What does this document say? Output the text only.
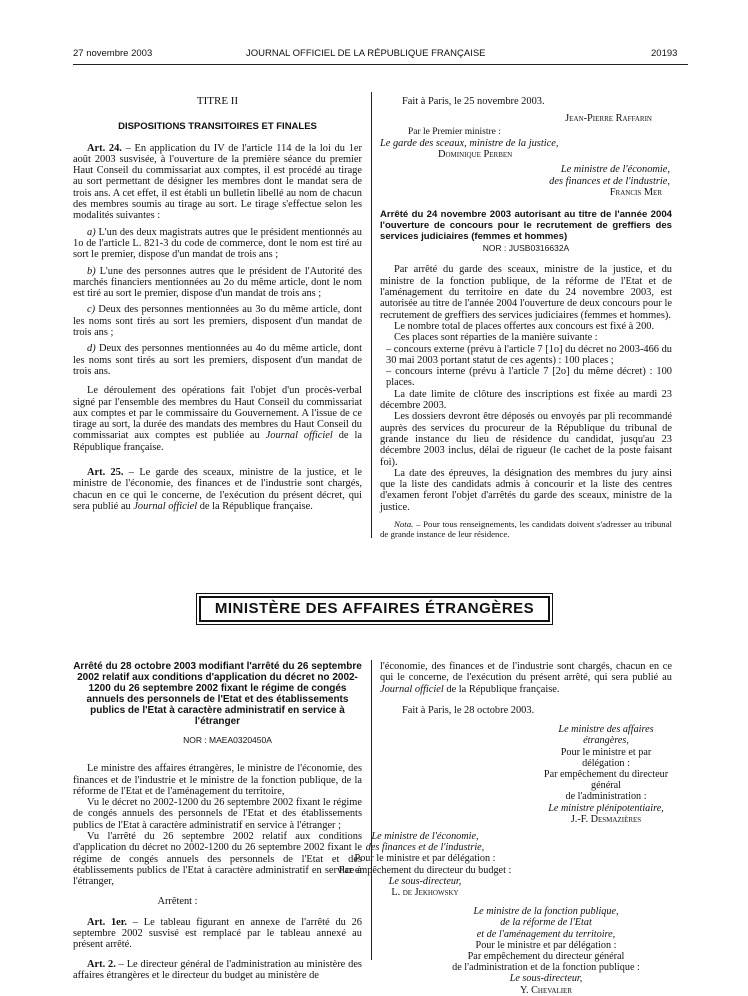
27 novembre 2003	JOURNAL OFFICIEL DE LA RÉPUBLIQUE FRANÇAISE	20193
TITRE II
DISPOSITIONS TRANSITOIRES ET FINALES

Art. 24. – En application du IV de l'article 114 de la loi du 1er août 2003 susvisée, à l'ouverture de la première séance du premier Haut Conseil du commissariat aux comptes, il est procédé au tirage au sort permettant de désigner les membres dont le mandat sera de trois ans. A cet effet, il est établi un bulletin libellé au nom de chacun des membres soumis au tirage au sort. Le tirage s'effectue selon les modalités suivantes :

a) L'un des deux magistrats autres que le président mentionnés au 1o de l'article L. 821-3 du code de commerce, dont le nom est tiré au sort le premier, dispose d'un mandat de trois ans ;

b) L'une des personnes autres que le président de l'Autorité des marchés financiers mentionnées au 2o du même article, dont le nom est tiré au sort le premier, dispose d'un mandat de trois ans ;

c) Deux des personnes mentionnées au 3o du même article, dont les noms sont tirés au sort les premiers, disposent d'un mandat de trois ans ;

d) Deux des personnes mentionnées au 4o du même article, dont les noms sont tirés au sort les premiers, disposent d'un mandat de trois ans.

Le déroulement des opérations fait l'objet d'un procès-verbal signé par l'ensemble des membres du Haut Conseil du commissariat aux comptes et par le commissaire du Gouvernement. A l'issue de ce tirage au sort, la durée des mandats des membres du Haut Conseil du commissariat aux comptes est publiée au Journal officiel de la République française.

Art. 25. – Le garde des sceaux, ministre de la justice, et le ministre de l'économie, des finances et de l'industrie sont chargés, chacun en ce qui le concerne, de l'exécution du présent décret, qui sera publié au Journal officiel de la République française.

Fait à Paris, le 25 novembre 2003.

Jean-Pierre Raffarin
Par le Premier ministre :
Le garde des sceaux, ministre de la justice,
Dominique Perben
Le ministre de l'économie,
des finances et de l'industrie,
Francis Mer
Arrêté du 24 novembre 2003 autorisant au titre de l'année 2004 l'ouverture de concours pour le recrutement de greffiers des services judiciaires (femmes et hommes)
NOR : JUSB0316632A

Par arrêté du garde des sceaux, ministre de la justice, et du ministre de la fonction publique, de la réforme de l'Etat et de l'aménagement du territoire en date du 24 novembre 2003, est autorisée au titre de l'année 2004 l'ouverture de deux concours pour le recrutement de greffiers des services judiciaires (femmes et hommes).

Le nombre total de places offertes aux concours est fixé à 200.

Ces places sont réparties de la manière suivante :

– concours externe (prévu à l'article 7 [1o] du décret no 2003-466 du 30 mai 2003 portant statut de ces agents) : 100 places ;
– concours interne (prévu à l'article 7 [2o] du même décret) : 100 places.

La date limite de clôture des inscriptions est fixée au mardi 23 décembre 2003.

Les dossiers devront être déposés ou envoyés par pli recommandé auprès des services du procureur de la République du tribunal de grande instance du lieu de résidence du candidat, jusqu'au 23 décembre 2003 inclus, délai de rigueur (le cachet de la poste faisant foi).

La date des épreuves, la désignation des membres du jury ainsi que la liste des candidats admis à concourir et la liste des centres d'examen feront l'objet d'arrêtés du garde des sceaux, ministre de la justice.

Nota. – Pour tous renseignements, les candidats doivent s'adresser au tribunal de grande instance de leur résidence.

MINISTÈRE DES AFFAIRES ÉTRANGÈRES
Arrêté du 28 octobre 2003 modifiant l'arrêté du 26 septembre 2002 relatif aux conditions d'application du décret no 2002-1200 du 26 septembre 2002 fixant le régime de congés annuels des personnels de l'Etat et des établissements publics de l'Etat à caractère administratif en service à l'étranger
NOR : MAEA0320450A

Le ministre des affaires étrangères, le ministre de l'économie, des finances et de l'industrie et le ministre de la fonction publique, de la réforme de l'Etat et de l'aménagement du territoire,

Vu le décret no 2002-1200 du 26 septembre 2002 fixant le régime de congés annuels des personnels de l'Etat et des établissements publics de l'Etat à caractère administratif en service à l'étranger ;

Vu l'arrêté du 26 septembre 2002 relatif aux conditions d'application du décret no 2002-1200 du 26 septembre 2002 fixant le régime de congés annuels des personnels de l'Etat et des établissements publics de l'Etat à caractère administratif en service à l'étranger,

Arrêtent :

Art. 1er. – Le tableau figurant en annexe de l'arrêté du 26 septembre 2002 susvisé est remplacé par le tableau annexé au présent arrêté.

Art. 2. – Le directeur général de l'administration au ministère des affaires étrangères et le directeur du budget au ministère de

l'économie, des finances et de l'industrie sont chargés, chacun en ce qui le concerne, de l'exécution du présent arrêté, qui sera publié au Journal officiel de la République française.

Fait à Paris, le 28 octobre 2003.

Le ministre des affaires étrangères,
Pour le ministre et par délégation :
Par empêchement du directeur général
de l'administration :
Le ministre plénipotentiaire,
J.-F. Desmazières
Le ministre de l'économie,
des finances et de l'industrie,
Pour le ministre et par délégation :
Par empêchement du directeur du budget :
Le sous-directeur,
L. de Jekhowsky
Le ministre de la fonction publique,
de la réforme de l'Etat
et de l'aménagement du territoire,
Pour le ministre et par délégation :
Par empêchement du directeur général
de l'administration et de la fonction publique :
Le sous-directeur,
Y. Chevalier
